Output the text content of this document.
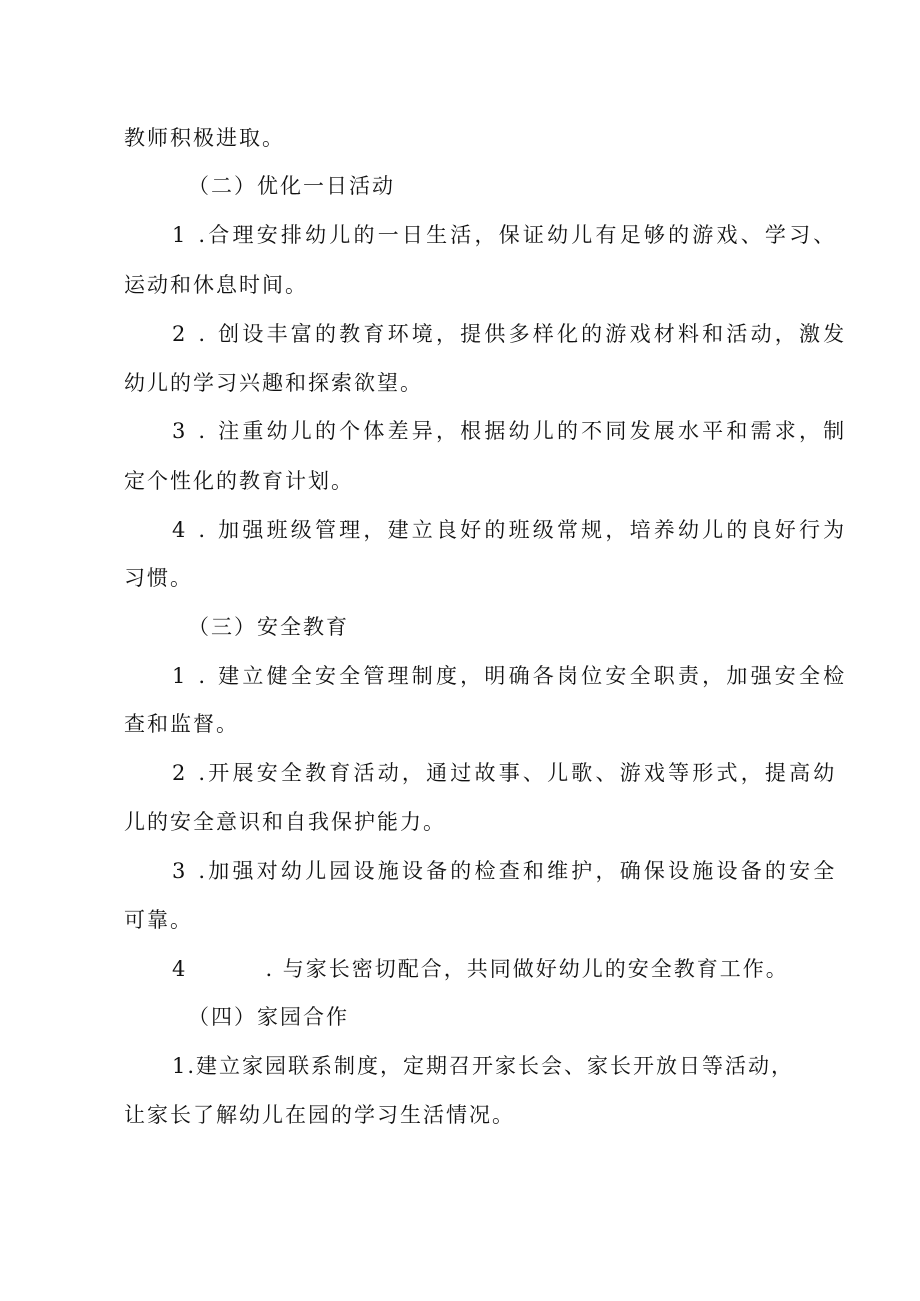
教师积极进取。
（二）优化一日活动
1 .合理安排幼儿的一日生活，保证幼儿有足够的游戏、学习、
运动和休息时间。
2 . 创设丰富的教育环境，提供多样化的游戏材料和活动，激发
幼儿的学习兴趣和探索欲望。
3 . 注重幼儿的个体差异，根据幼儿的不同发展水平和需求，制
定个性化的教育计划。
4 . 加强班级管理，建立良好的班级常规，培养幼儿的良好行为
习惯。
（三）安全教育
1 . 建立健全安全管理制度，明确各岗位安全职责，加强安全检
查和监督。
2 .开展安全教育活动，通过故事、儿歌、游戏等形式，提高幼
儿的安全意识和自我保护能力。
3 .加强对幼儿园设施设备的检查和维护，确保设施设备的安全
可靠。
4         . 与家长密切配合，共同做好幼儿的安全教育工作。
（四）家园合作
1.建立家园联系制度，定期召开家长会、家长开放日等活动，
让家长了解幼儿在园的学习生活情况。
